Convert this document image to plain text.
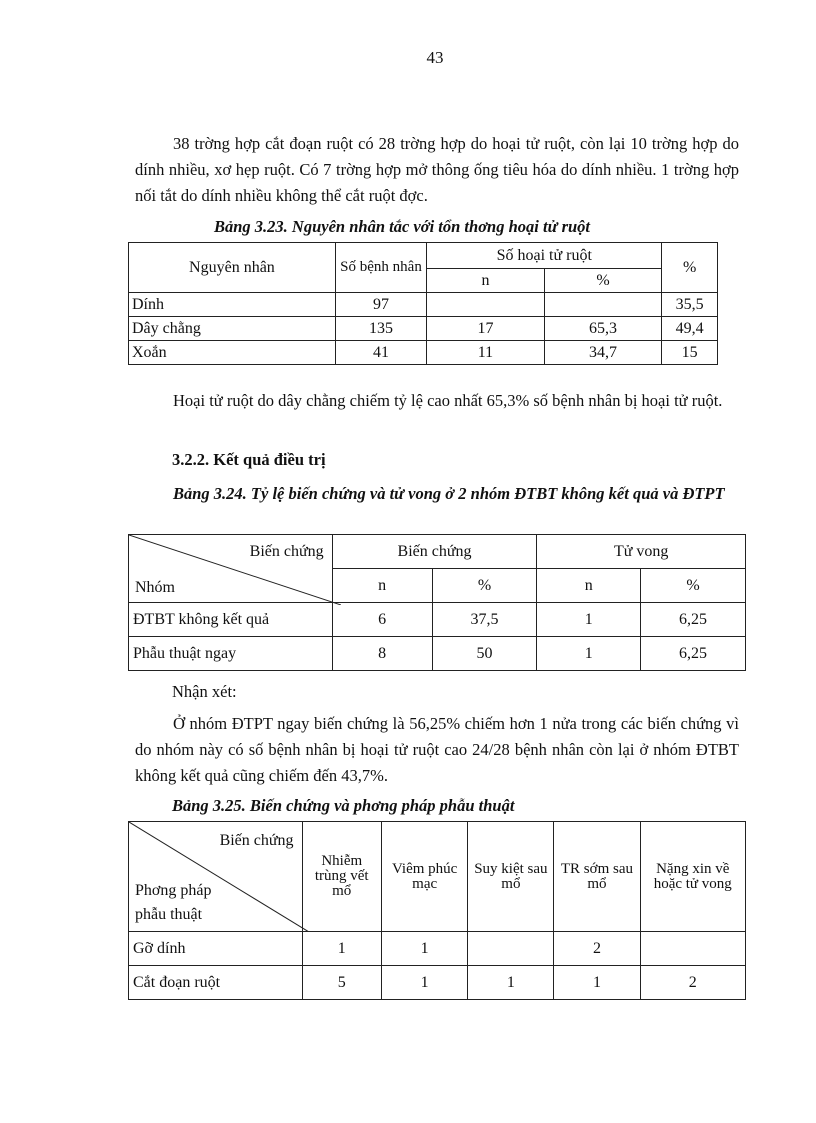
43

38 trờng hợp cắt đoạn ruột có 28 trờng hợp do hoại tử ruột, còn lại 10 trờng hợp do dính nhiều, xơ hẹp ruột. Có 7 trờng hợp mở thông ống tiêu hóa do dính nhiều. 1 trờng hợp nối tắt do dính nhiều không thể cắt ruột đợc.

Bảng 3.23. Nguyên nhân tắc với tổn thơng hoại tử ruột

Nguyên nhân	Số bệnh nhân	Số hoại tử ruột		%
		n	%	
Dính	97			35,5
Dây chằng	135	17	65,3	49,4
Xoắn	41	11	34,7	15

Hoại tử ruột do dây chằng chiếm tỷ lệ cao nhất 65,3% số bệnh nhân bị hoại tử ruột.

3.2.2. Kết quả điều trị

Bảng 3.24. Tỷ lệ biến chứng và tử vong ở 2 nhóm ĐTBT không kết quả và ĐTPT

Biến chứng
Nhóm	Biến chứng		Tử vong	
	n	%	n	%
ĐTBT không kết quả	6	37,5	1	6,25
Phẫu thuật ngay	8	50	1	6,25

Nhận xét:

Ở nhóm ĐTPT ngay biến chứng là 56,25% chiếm hơn 1 nửa trong các biến chứng vì do nhóm này có số bệnh nhân bị hoại tử ruột cao 24/28 bệnh nhân còn lại ở nhóm ĐTBT không kết quả cũng chiếm đến 43,7%.

Bảng 3.25. Biến chứng và phơng pháp phẫu thuật

Biến chứng
Phơng pháp
phẫu thuật	Nhiễm trùng vết mổ	Viêm phúc mạc	Suy kiệt sau mổ	TR sớm sau mổ	Nặng xin về hoặc tử vong
Gỡ dính	1	1		2	
Cắt đoạn ruột	5	1	1	1	2
